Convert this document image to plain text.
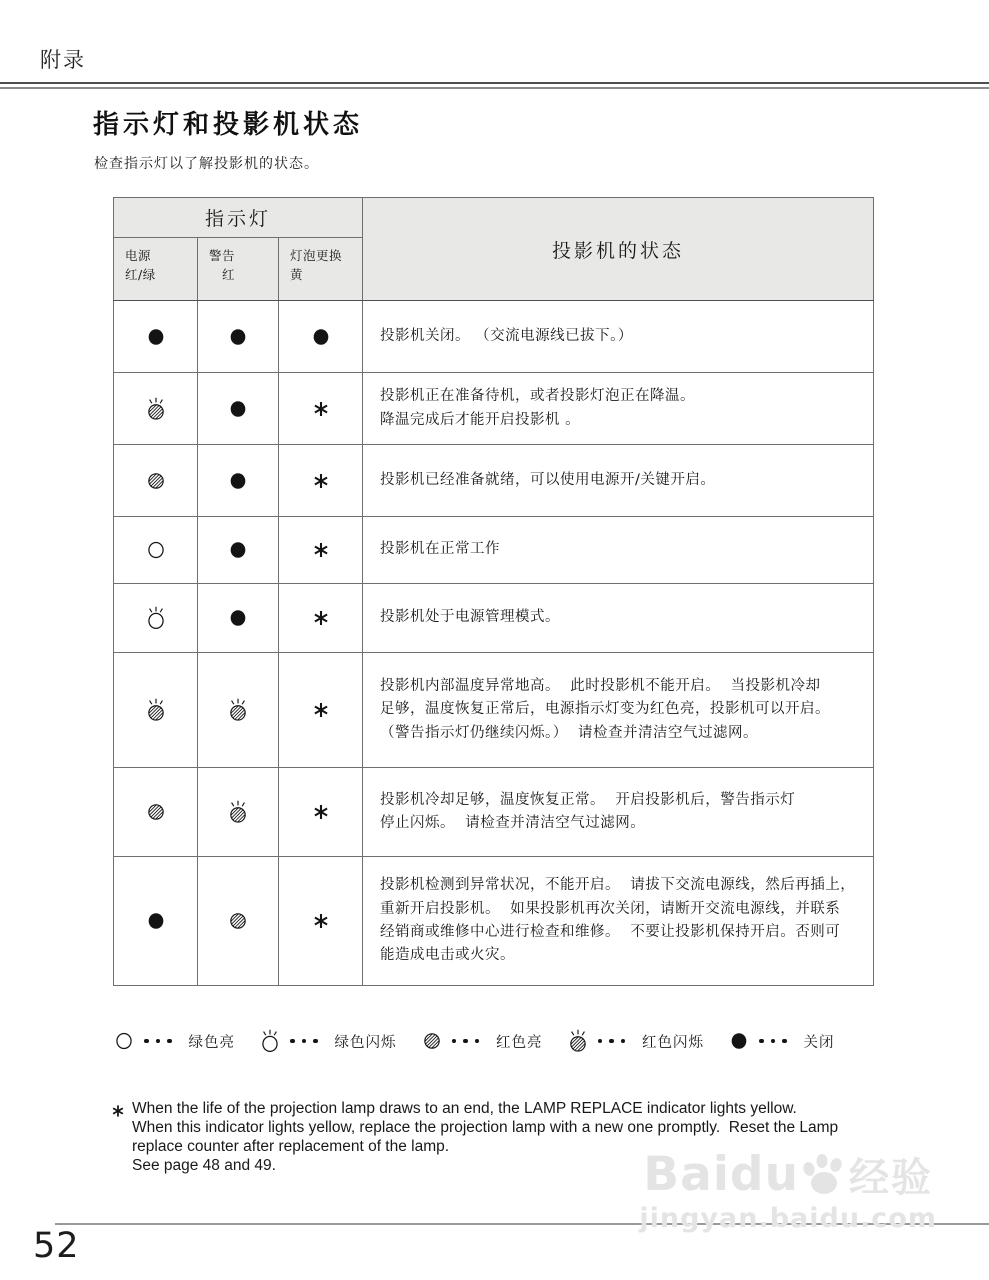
附录
指示灯和投影机状态
检查指示灯以了解投影机的状态。
指示灯			投影机的状态

电源
红/绿

警告
红

灯泡更换
黄

投影机关闭。 （交流电源线已拔下。）

投影机正在准备待机，或者投影灯泡正在降温。
降温完成后才能开启投影机 。

投影机已经准备就绪，可以使用电源开/关键开启。

投影机在正常工作

投影机处于电源管理模式。

投影机内部温度异常地高。  此时投影机不能开启。  当投影机冷却
足够，温度恢复正常后，电源指示灯变为红色亮，投影机可以开启。
（警告指示灯仍继续闪烁。）  请检查并清洁空气过滤网。

投影机冷却足够，温度恢复正常。  开启投影机后，警告指示灯
停止闪烁。  请检查并清洁空气过滤网。

投影机检测到异常状况，不能开启。  请拔下交流电源线，然后再插上，
重新开启投影机。  如果投影机再次关闭，请断开交流电源线，并联系
经销商或维修中心进行检查和维修。  不要让投影机保持开启。否则可
能造成电击或火灾。
绿色亮	绿色闪烁	红色亮	红色闪烁	关闭
When the life of the projection lamp draws to an end, the LAMP REPLACE indicator lights yellow.
When this indicator lights yellow, replace the projection lamp with a new one promptly.  Reset the Lamp
replace counter after replacement of the lamp.
See page 48 and 49.
52
Baidu 经验
jingyan.baidu.com
